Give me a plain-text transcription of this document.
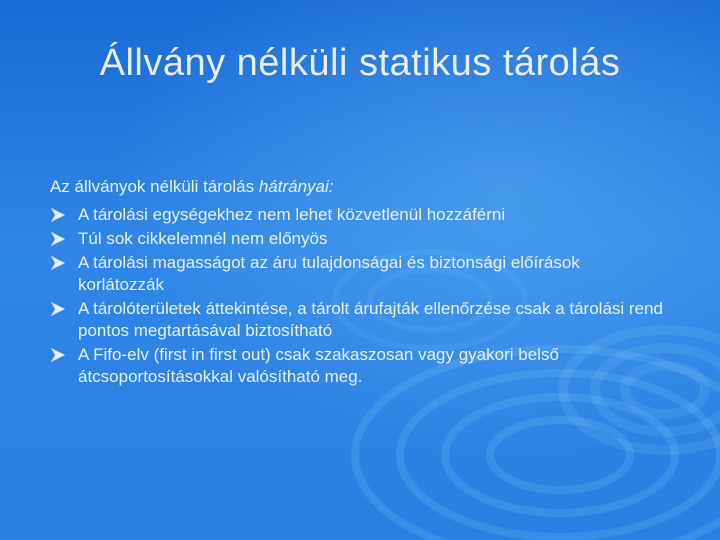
Állvány nélküli statikus tárolás

Az állványok nélküli tárolás hátrányai:

A tárolási egységekhez nem lehet közvetlenül hozzáférni
Túl sok cikkelemnél nem előnyös
A tárolási magasságot az áru tulajdonságai és biztonsági előírások korlátozzák
A tárolóterületek áttekintése, a tárolt árufajták ellenőrzése csak a tárolási rend pontos megtartásával biztosítható
A Fifo-elv (first in first out) csak szakaszosan vagy gyakori belső átcsoportosításokkal valósítható meg.
